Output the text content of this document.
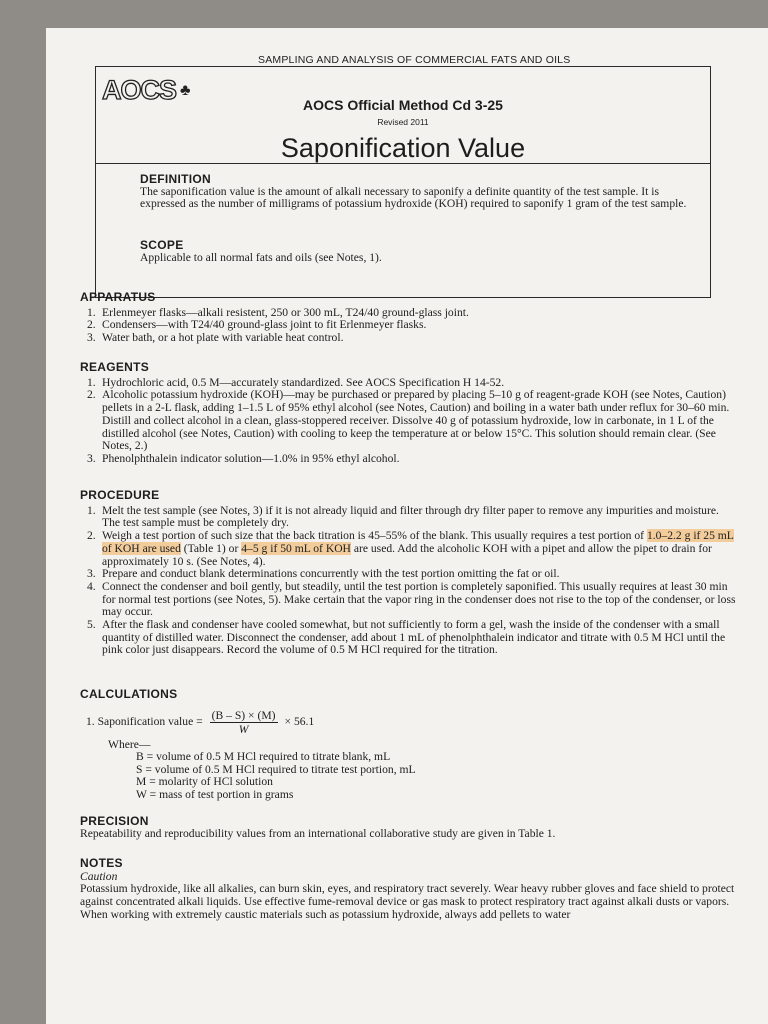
SAMPLING AND ANALYSIS OF COMMERCIAL FATS AND OILS
AOCS ♣
AOCS Official Method Cd 3-25
Revised 2011
Saponification Value
DEFINITION

The saponification value is the amount of alkali necessary to saponify a definite quantity of the test sample. It is expressed as the number of milligrams of potassium hydroxide (KOH) required to saponify 1 gram of the test sample.

SCOPE

Applicable to all normal fats and oils (see Notes, 1).

APPARATUS
1. Erlenmeyer flasks—alkali resistent, 250 or 300 mL, T24/40 ground-glass joint.
2. Condensers—with T24/40 ground-glass joint to fit Erlenmeyer flasks.
3. Water bath, or a hot plate with variable heat control.
REAGENTS
1. Hydrochloric acid, 0.5 M—accurately standardized. See AOCS Specification H 14-52.
2. Alcoholic potassium hydroxide (KOH)—may be purchased or prepared by placing 5–10 g of reagent-grade KOH (see Notes, Caution) pellets in a 2-L flask, adding 1–1.5 L of 95% ethyl alcohol (see Notes, Caution) and boiling in a water bath under reflux for 30–60 min. Distill and collect alcohol in a clean, glass-stoppered receiver. Dissolve 40 g of potassium hydroxide, low in carbonate, in 1 L of the distilled alcohol (see Notes, Caution) with cooling to keep the temperature at or below 15°C. This solution should remain clear. (See Notes, 2.)
3. Phenolphthalein indicator solution—1.0% in 95% ethyl alcohol.
PROCEDURE
1. Melt the test sample (see Notes, 3) if it is not already liquid and filter through dry filter paper to remove any impurities and moisture. The test sample must be completely dry.
2. Weigh a test portion of such size that the back titration is 45–55% of the blank. This usually requires a test portion of 1.0–2.2 g if 25 mL of KOH are used (Table 1) or 4–5 g if 50 mL of KOH are used. Add the alcoholic KOH with a pipet and allow the pipet to drain for approximately 10 s. (See Notes, 4).
3. Prepare and conduct blank determinations concurrently with the test portion omitting the fat or oil.
4. Connect the condenser and boil gently, but steadily, until the test portion is completely saponified. This usually requires at least 30 min for normal test portions (see Notes, 5). Make certain that the vapor ring in the condenser does not rise to the top of the condenser, or loss may occur.
5. After the flask and condenser have cooled somewhat, but not sufficiently to form a gel, wash the inside of the condenser with a small quantity of distilled water. Disconnect the condenser, add about 1 mL of phenolphthalein indicator and titrate with 0.5 M HCl until the pink color just disappears. Record the volume of 0.5 M HCl required for the titration.
CALCULATIONS
1. Saponification value = $\frac{(B - S) \times (M)}{W} \times 56.1$
Where—
B = volume of 0.5 M HCl required to titrate blank, mL
S = volume of 0.5 M HCl required to titrate test portion, mL
M = molarity of HCl solution
W = mass of test portion in grams
PRECISION

Repeatability and reproducibility values from an international collaborative study are given in Table 1.

NOTES

Caution

Potassium hydroxide, like all alkalies, can burn skin, eyes, and respiratory tract severely. Wear heavy rubber gloves and face shield to protect against concentrated alkali liquids. Use effective fume-removal device or gas mask to protect respiratory tract against alkali dusts or vapors. When working with extremely caustic materials such as potassium hydroxide, always add pellets to water
